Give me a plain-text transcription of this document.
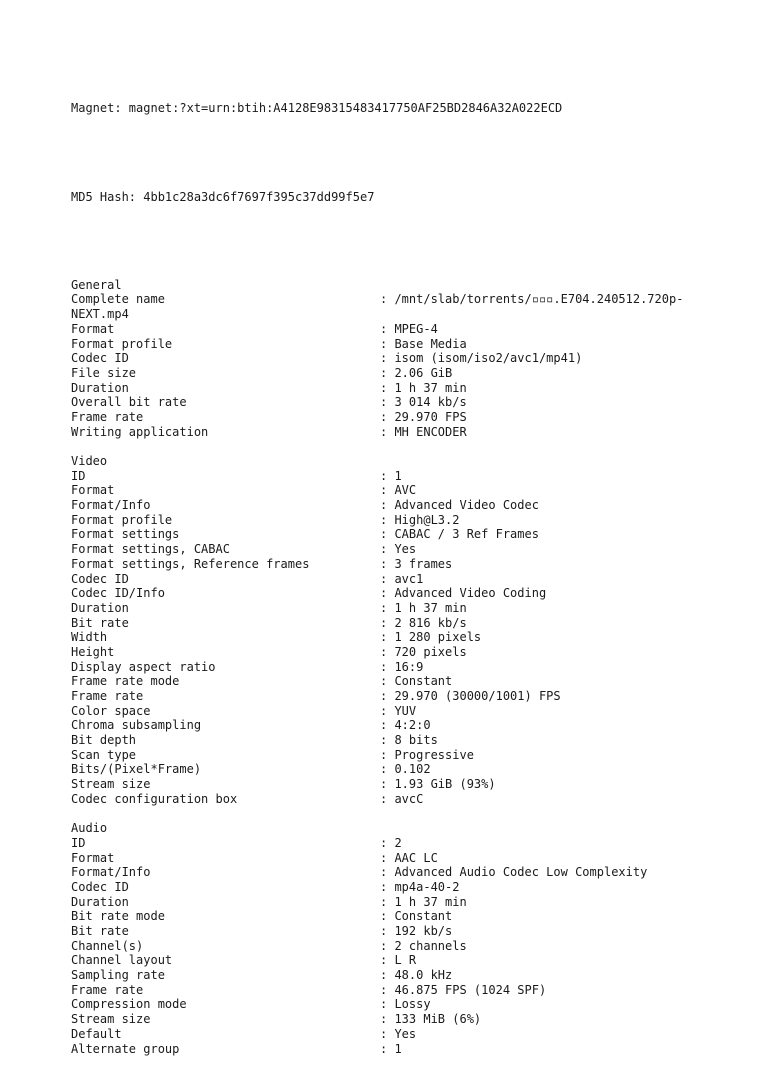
Magnet: magnet:?xt=urn:btih:A4128E98315483417750AF25BD2846A32A022ECD

MD5 Hash: 4bb1c28a3dc6f7697f395c37dd99f5e7

General
Complete name	: /mnt/slab/torrents/▫▫▫.E704.240512.720p-
NEXT.mp4
Format	: MPEG-4
Format profile	: Base Media
Codec ID	: isom (isom/iso2/avc1/mp41)
File size	: 2.06 GiB
Duration	: 1 h 37 min
Overall bit rate	: 3 014 kb/s
Frame rate	: 29.970 FPS
Writing application	: MH ENCODER
Video
ID	: 1
Format	: AVC
Format/Info	: Advanced Video Codec
Format profile	: High@L3.2
Format settings	: CABAC / 3 Ref Frames
Format settings, CABAC	: Yes
Format settings, Reference frames	: 3 frames
Codec ID	: avc1
Codec ID/Info	: Advanced Video Coding
Duration	: 1 h 37 min
Bit rate	: 2 816 kb/s
Width	: 1 280 pixels
Height	: 720 pixels
Display aspect ratio	: 16:9
Frame rate mode	: Constant
Frame rate	: 29.970 (30000/1001) FPS
Color space	: YUV
Chroma subsampling	: 4:2:0
Bit depth	: 8 bits
Scan type	: Progressive
Bits/(Pixel*Frame)	: 0.102
Stream size	: 1.93 GiB (93%)
Codec configuration box	: avcC
Audio
ID	: 2
Format	: AAC LC
Format/Info	: Advanced Audio Codec Low Complexity
Codec ID	: mp4a-40-2
Duration	: 1 h 37 min
Bit rate mode	: Constant
Bit rate	: 192 kb/s
Channel(s)	: 2 channels
Channel layout	: L R
Sampling rate	: 48.0 kHz
Frame rate	: 46.875 FPS (1024 SPF)
Compression mode	: Lossy
Stream size	: 133 MiB (6%)
Default	: Yes
Alternate group	: 1
